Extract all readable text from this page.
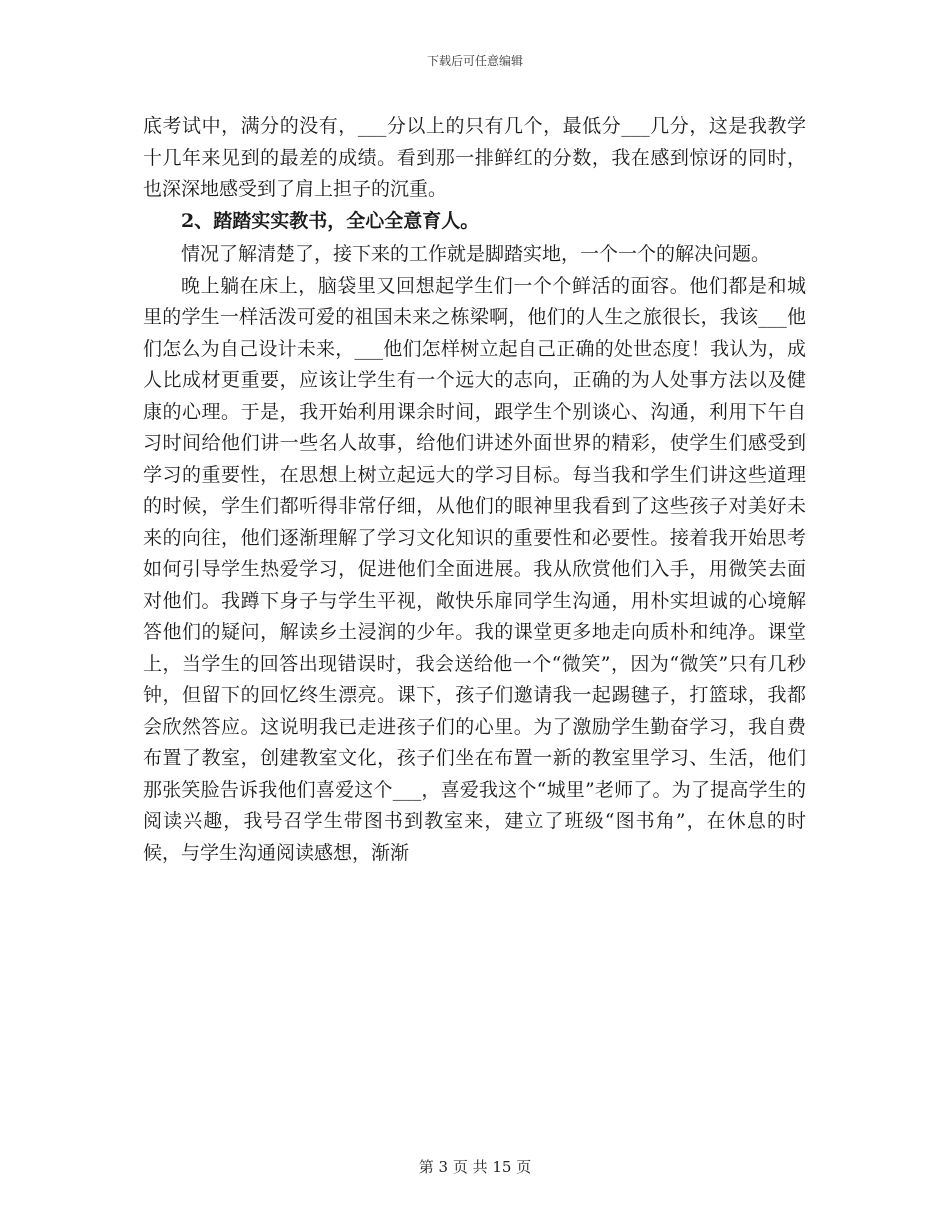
下载后可任意编辑

底考试中，满分的没有，___分以上的只有几个，最低分___几分，这是我教学十几年来见到的最差的成绩。看到那一排鲜红的分数，我在感到惊讶的同时，也深深地感受到了肩上担子的沉重。

2、踏踏实实教书，全心全意育人。

情况了解清楚了，接下来的工作就是脚踏实地，一个一个的解决问题。

晚上躺在床上，脑袋里又回想起学生们一个个鲜活的面容。他们都是和城里的学生一样活泼可爱的祖国未来之栋梁啊，他们的人生之旅很长，我该___他们怎么为自己设计未来，___他们怎样树立起自己正确的处世态度！我认为，成人比成材更重要，应该让学生有一个远大的志向，正确的为人处事方法以及健康的心理。于是，我开始利用课余时间，跟学生个别谈心、沟通，利用下午自习时间给他们讲一些名人故事，给他们讲述外面世界的精彩，使学生们感受到学习的重要性，在思想上树立起远大的学习目标。每当我和学生们讲这些道理的时候，学生们都听得非常仔细，从他们的眼神里我看到了这些孩子对美好未来的向往，他们逐渐理解了学习文化知识的重要性和必要性。接着我开始思考如何引导学生热爱学习，促进他们全面进展。我从欣赏他们入手，用微笑去面对他们。我蹲下身子与学生平视，敞快乐扉同学生沟通，用朴实坦诚的心境解答他们的疑问，解读乡土浸润的少年。我的课堂更多地走向质朴和纯净。课堂上，当学生的回答出现错误时，我会送给他一个“微笑”，因为“微笑”只有几秒钟，但留下的回忆终生漂亮。课下，孩子们邀请我一起踢毽子，打篮球，我都会欣然答应。这说明我已走进孩子们的心里。为了激励学生勤奋学习，我自费布置了教室，创建教室文化，孩子们坐在布置一新的教室里学习、生活，他们那张笑脸告诉我他们喜爱这个___，喜爱我这个“城里”老师了。为了提高学生的阅读兴趣，我号召学生带图书到教室来，建立了班级“图书角”，在休息的时候，与学生沟通阅读感想，渐渐

第 3 页 共 15 页
